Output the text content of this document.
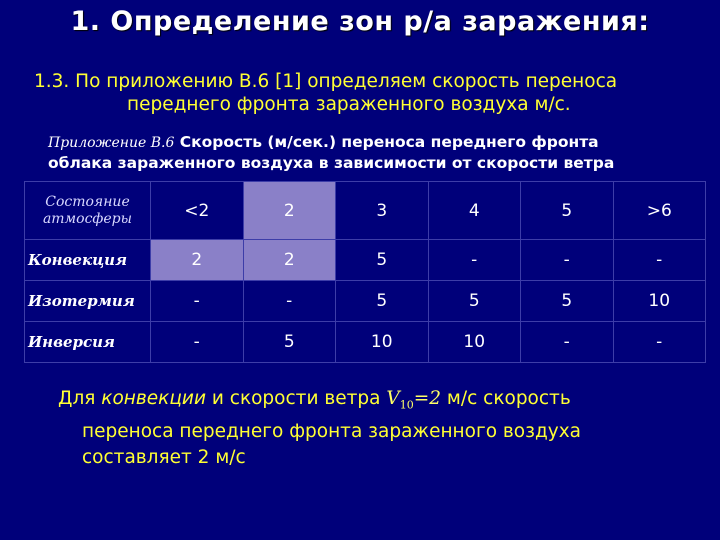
1. Определение зон р/а заражения:
1.3. По приложению В.6 [1] определяем скорость переноса
переднего фронта зараженного воздуха м/с.
Приложение В.6 Скорость (м/сек.) переноса переднего фронта
облака зараженного воздуха в зависимости от скорости ветра
Состояние
атмосферы	<2	2	3	4	5	>6
Конвекция	2	2	5	-	-	-
Изотермия	-	-	5	5	5	10
Инверсия	-	5	10	10	-	-
Для конвекции и скорости ветра $V_{10}=2$ м/с скорость
переноса переднего фронта зараженного воздуха
составляет 2 м/с
